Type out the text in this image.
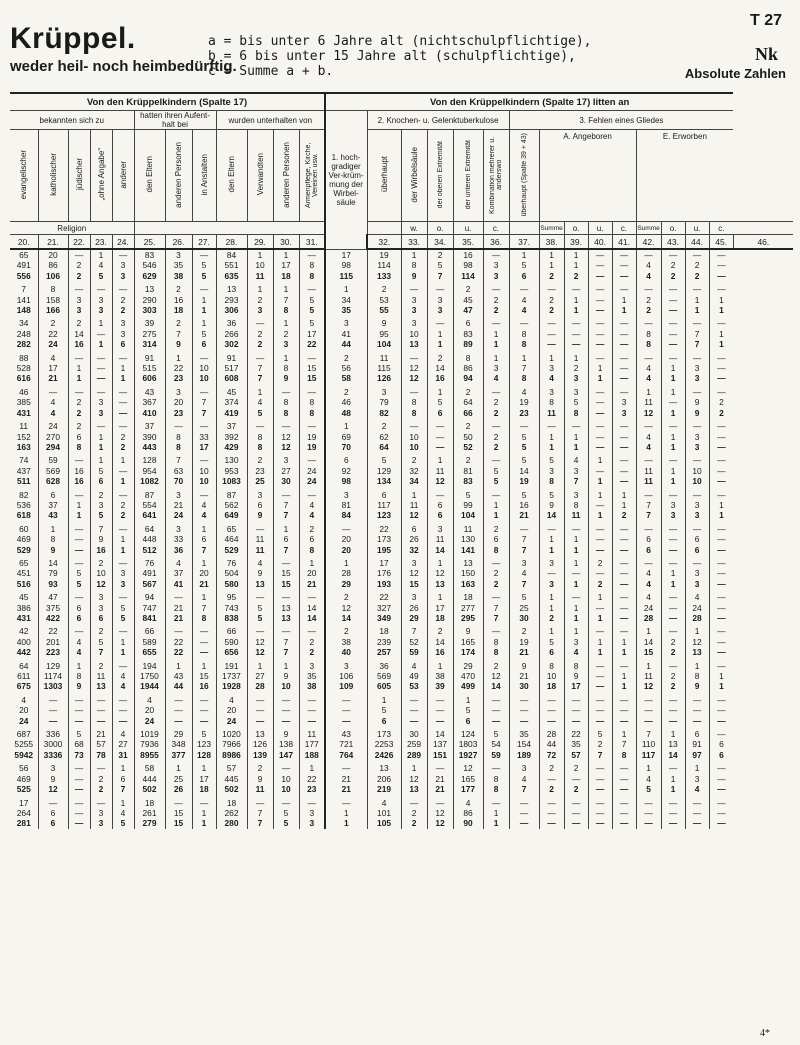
T 27
Krüppel.
weder heil- noch heimbedürftig.
a = bis unter 6 Jahre alt (nichtschulpflichtige),
b = 6 bis unter 15 Jahre alt (schulpflichtige),
c = Summe a + b.
Nk
Absolute Zahlen
Von den Krüppelkindern (Spalte 17)												Von den Krüppelkindern (Spalte 17) litten an															
bekannten sich zu					hatten ihren Aufent-halt bei			wurden unterhalten von				1. hoch-gradiger Ver-krüm-mung der Wirbel-säule	2. Knochen- u. Gelenktuberkulose					3. Fehlen eines Gliedes									
evangelischer	katholischer	jüdischer	„ohne Angabe“	anderer	den Eltern	anderen Personen	in Anstalten	den Eltern	Verwandten	anderen Personen	Armenpflege, Kirche, Vereinen usw.		überhaupt	der Wirbelsäule	der oberen Extremität	der unteren Extremität	Kombination mehrerer u. anderswo	überhaupt (Spalte 39 + 43)	A. Angeboren				E. Erworben				
Religion														w.	o.	u.	c.		Summe	o.	u.	c.	Summe	o.	u.	c.	
20.	21.	22.	23.	24.	25.	26.	27.	28.	29.	30.	31.		32.	33.	34.	35.	36.	37.	38.	39.	40.	41.	42.	43.	44.	45.	46.
65	20	—	1	—	83	3	—	84	1	1	—	17	19	1	2	16	—	1	1	1	—	—	—	—	—	—	
491	86	2	4	3	546	35	5	551	10	17	8	98	114	8	5	98	3	5	1	1	—	—	4	2	2	—	
556	106	2	5	3	629	38	5	635	11	18	8	115	133	9	7	114	3	6	2	2	—	—	4	2	2	—	

7	8	—	—	—	13	2	—	13	1	1	—	1	2	—	—	2	—	—	—	—	—	—	—	—	—	—	
141	158	3	3	2	290	16	1	293	2	7	5	34	53	3	3	45	2	4	2	1	—	1	2	—	1	1	
148	166	3	3	2	303	18	1	306	3	8	5	35	55	3	3	47	2	4	2	1	—	1	2	—	1	1	

34	2	2	1	3	39	2	1	36	—	1	5	3	9	3	—	6	—	—	—	—	—	—	—	—	—	—	
248	22	14	—	3	275	7	5	266	2	2	17	41	95	10	1	83	1	8	—	—	—	—	8	—	7	1	
282	24	16	1	6	314	9	6	302	2	3	22	44	104	13	1	89	1	8	—	—	—	—	8	—	7	1	

88	4	—	—	—	91	1	—	91	—	1	—	2	11	—	2	8	1	1	1	1	—	—	—	—	—	—	
528	17	1	—	1	515	22	10	517	7	8	15	56	115	12	14	86	3	7	3	2	1	—	4	1	3	—	
616	21	1	—	1	606	23	10	608	7	9	15	58	126	12	16	94	4	8	4	3	1	—	4	1	3	—	

46	—	—	—	—	43	3	—	45	1	—	—	2	3	—	1	2	—	4	3	3	—	—	1	1	—	—	
385	4	2	3	—	367	20	7	374	4	8	8	46	79	8	5	64	2	19	8	5	—	3	11	—	9	2	
431	4	2	3	—	410	23	7	419	5	8	8	48	82	8	6	66	2	23	11	8	—	3	12	1	9	2	

11	24	2	—	—	37	—	—	37	—	—	—	1	2	—	—	2	—	—	—	—	—	—	—	—	—	—	
152	270	6	1	2	390	8	33	392	8	12	19	69	62	10	—	50	2	5	1	1	—	—	4	1	3	—	
163	294	8	1	2	443	8	17	429	8	12	19	70	64	10	—	52	2	5	1	1	—	—	4	1	3	—	

74	59	—	1	1	128	7	—	130	2	3	—	6	5	2	1	2	—	5	5	4	1	—	—	—	—	—	
437	569	16	5	—	954	63	10	953	23	27	24	92	129	32	11	81	5	14	3	3	—	—	11	1	10	—	
511	628	16	6	1	1082	70	10	1083	25	30	24	98	134	34	12	83	5	19	8	7	1	—	11	1	10	—	

82	6	—	2	—	87	3	—	87	3	—	—	3	6	1	—	5	—	5	5	3	1	1	—	—	—	—	
536	37	1	3	2	554	21	4	562	6	7	4	81	117	11	6	99	1	16	9	8	—	1	7	3	3	1	
618	43	1	5	2	641	24	4	649	9	7	4	84	123	12	6	104	1	21	14	11	1	2	7	3	3	1	

60	1	—	7	—	64	3	1	65	—	1	2	—	22	6	3	11	2	—	—	—	—	—	—	—	—	—	
469	8	—	9	1	448	33	6	464	11	6	6	20	173	26	11	130	6	7	1	1	—	—	6	—	6	—	
529	9	—	16	1	512	36	7	529	11	7	8	20	195	32	14	141	8	7	1	1	—	—	6	—	6	—	

65	14	—	2	—	76	4	1	76	4	—	1	1	17	3	1	13	—	3	3	1	2	—	—	—	—	—	
451	79	5	10	3	491	37	20	504	9	15	20	28	176	12	12	150	2	4	—	—	—	—	4	1	3	—	
516	93	5	12	3	567	41	21	580	13	15	21	29	193	15	13	163	2	7	3	1	2	—	4	1	3	—	

45	47	—	3	—	94	—	1	95	—	—	—	2	22	3	1	18	—	5	1	—	1	—	4	—	4	—	
386	375	6	3	5	747	21	7	743	5	13	14	12	327	26	17	277	7	25	1	1	—	—	24	—	24	—	
431	422	6	6	5	841	21	8	838	5	13	14	14	349	29	18	295	7	30	2	1	1	—	28	—	28	—	

42	22	—	2	—	66	—	—	66	—	—	—	2	18	7	2	9	—	2	1	1	—	—	1	—	1	—	
400	201	4	5	1	589	22	—	590	12	7	2	38	239	52	14	165	8	19	5	3	1	1	14	2	12	—	
442	223	4	7	1	655	22	—	656	12	7	2	40	257	59	16	174	8	21	6	4	1	1	15	2	13	—	

64	129	1	2	—	194	1	1	191	1	1	3	3	36	4	1	29	2	9	8	8	—	—	1	—	1	—	
611	1174	8	11	4	1750	43	15	1737	27	9	35	106	569	49	38	470	12	21	10	9	—	1	11	2	8	1	
675	1303	9	13	4	1944	44	16	1928	28	10	38	109	605	53	39	499	14	30	18	17	—	1	12	2	9	1	

4	—	—	—	—	4	—	—	4	—	—	—	—	1	—	—	1	—	—	—	—	—	—	—	—	—	—	
20	—	—	—	—	20	—	—	20	—	—	—	—	5	—	—	5	—	—	—	—	—	—	—	—	—	—	
24	—	—	—	—	24	—	—	24	—	—	—	—	6	—	—	6	—	—	—	—	—	—	—	—	—	—	

687	336	5	21	4	1019	29	5	1020	13	9	11	43	173	30	14	124	5	35	28	22	5	1	7	1	6	—	
5255	3000	68	57	27	7936	348	123	7966	126	138	177	721	2253	259	137	1803	54	154	44	35	2	7	110	13	91	6	
5942	3336	73	78	31	8955	377	128	8986	139	147	188	764	2426	289	151	1927	59	189	72	57	7	8	117	14	97	6	

56	3	—	—	1	58	1	1	57	2	—	1	—	13	1	—	12	—	3	2	2	—	—	1	—	1	—	
469	9	—	2	6	444	25	17	445	9	10	22	21	206	12	21	165	8	4	—	—	—	—	4	1	3	—	
525	12	—	2	7	502	26	18	502	11	10	23	21	219	13	21	177	8	7	2	2	—	—	5	1	4	—	

17	—	—	—	1	18	—	—	18	—	—	—	—	4	—	—	4	—	—	—	—	—	—	—	—	—	—	
264	6	—	3	4	261	15	1	262	7	5	3	1	101	2	12	86	1	—	—	—	—	—	—	—	—	—	
281	6	—	3	5	279	15	1	280	7	5	3	1	105	2	12	90	1	—	—	—	—	—	—	—	—	—	
4*
